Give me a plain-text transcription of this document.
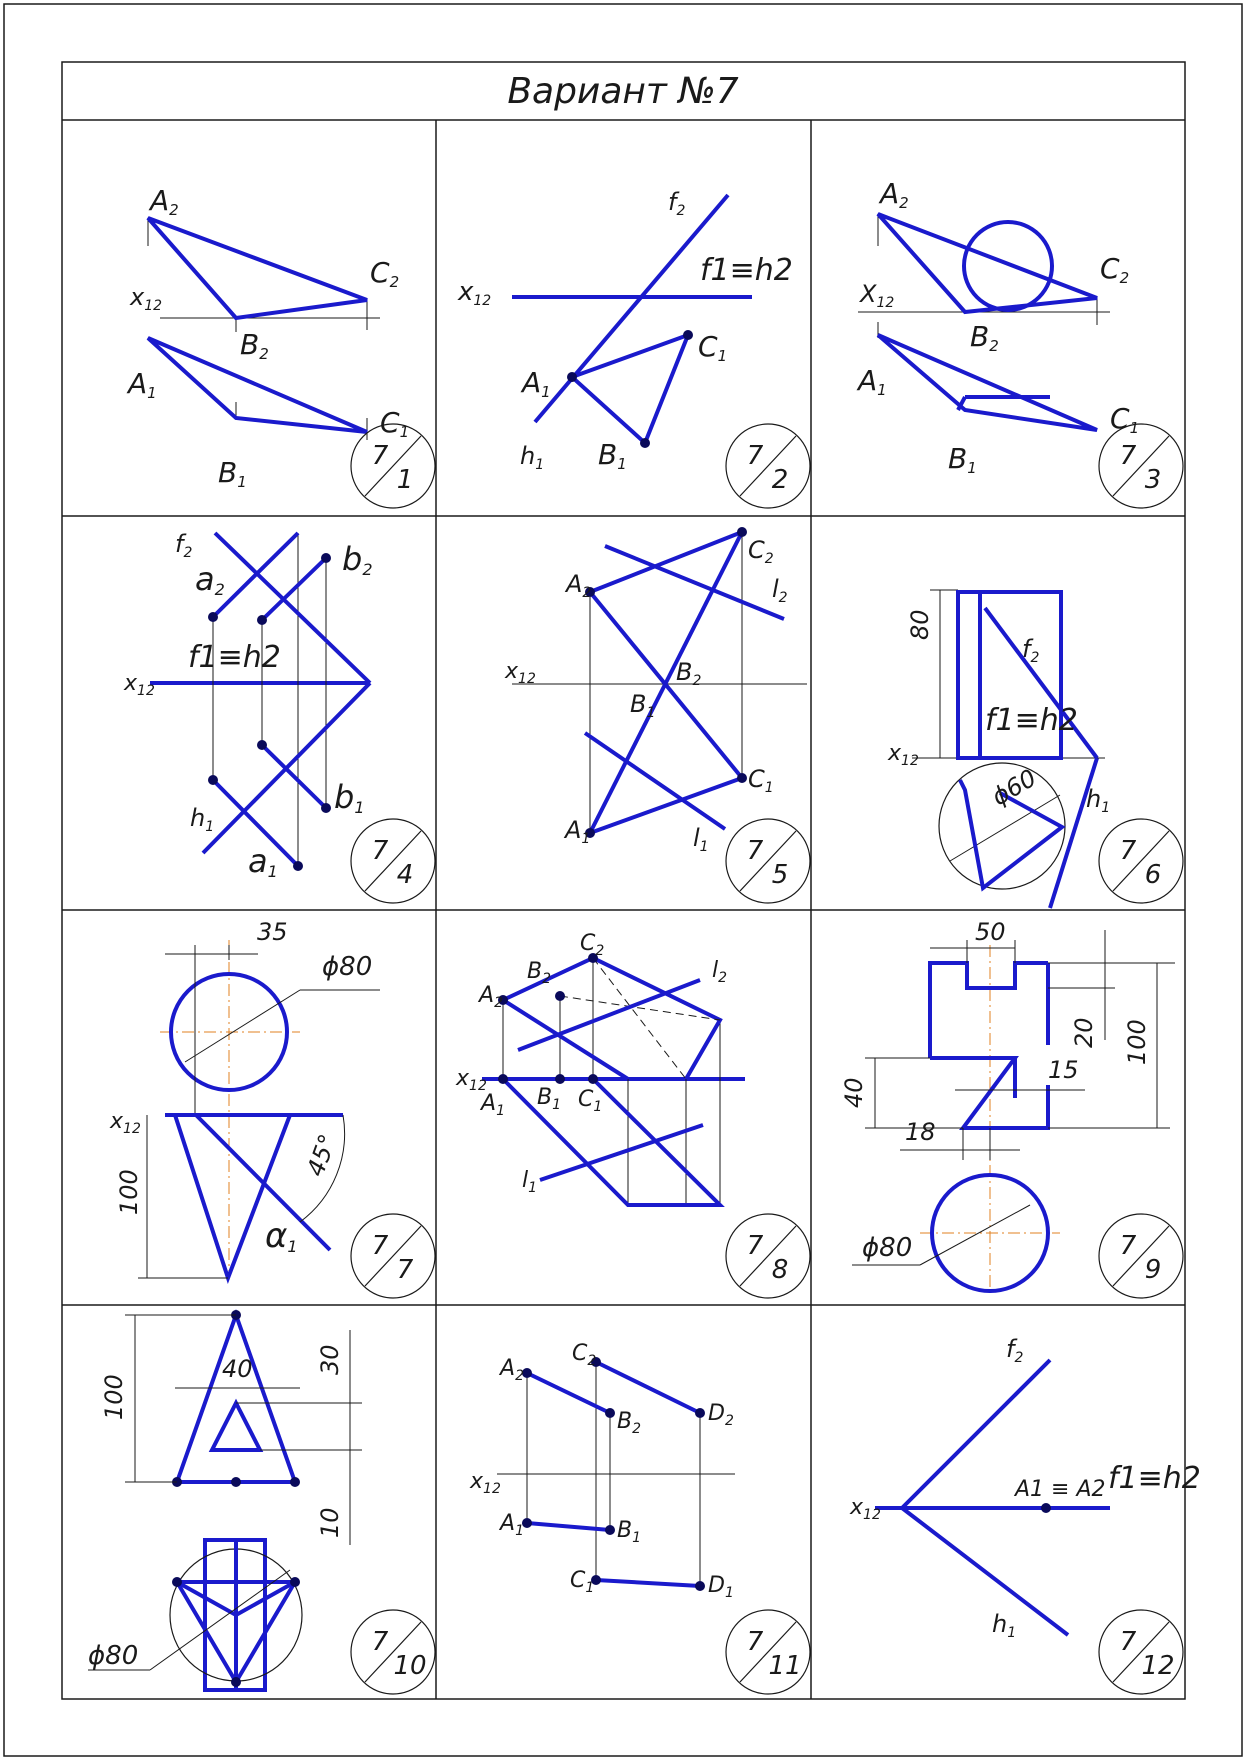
Вариант №7
A2
C2
$x_{12}$
B2
A1
C1
B1
7
1
$f_2$
x12
f1≡h2
C1
A1
$h_1$ B1	7
2
A2
C2
$X_{12}$
B2
A1
C1
B1	7
3
$f_2$	b2
a2
f1≡h2
$x_{12}$
b1
$h_1$
a1
7
4
$C_2$
$A_2$	$l_2$
$x_{12}$	$B_2$
$B_1$
$C_1$
$A_1$	$l_1$ 7
5
80
$f_2$
f1≡h2
$x_{12}$
ϕ60 $h_1$
7
6
35
ϕ80
$x_{12}$
100
45°
α1	7
7
$C_2$
$B_2$	$l_2$
$A_2$
$x_{12}$
$A_1$
$B_1$ $C_1$
$l_1$
7
8
50
20 100
40
15
18
ϕ80	7
9
100
40	30
10
ϕ80	7
10
$C_2$
$A_2$
$B_2$
$D_2$
$x_{12}$
$A_1$	$B_1$
$C_1$	$D_1$
7
11
$f_2$
A1 ≡ A2 f1≡h2
$x_{12}$
$h_1$	7
12
